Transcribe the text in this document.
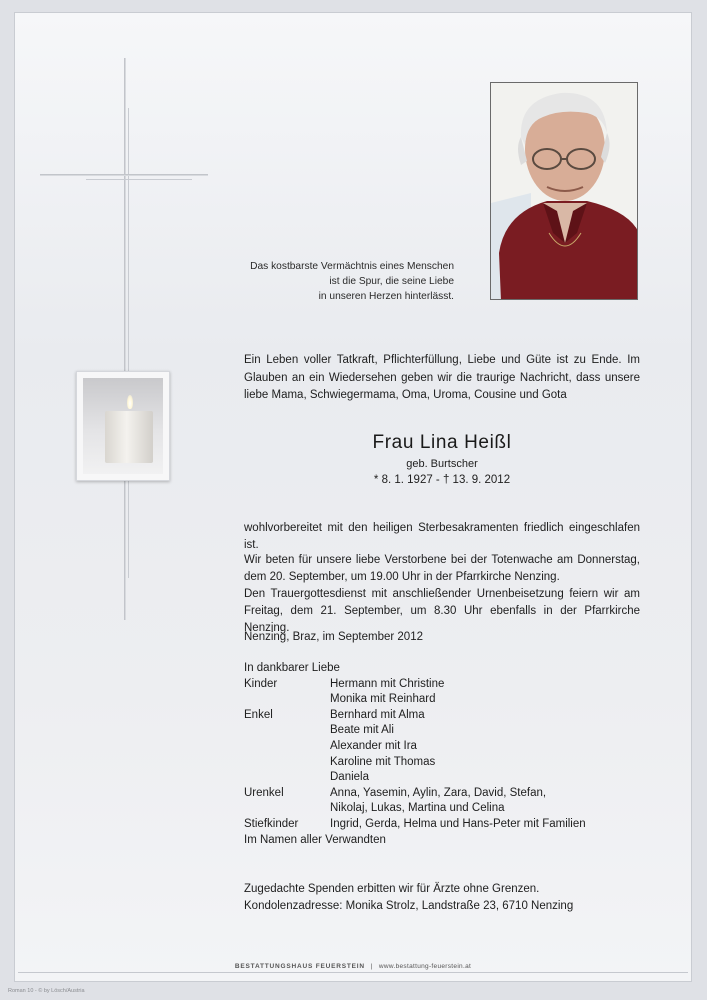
Das kostbarste Vermächtnis eines Menschen
ist die Spur, die seine Liebe
in unseren Herzen hinterlässt.
Ein Leben voller Tatkraft, Pflichterfüllung, Liebe und Güte ist zu Ende. Im Glauben an ein Wiedersehen geben wir die traurige Nachricht, dass unsere liebe Mama, Schwiegermama, Oma, Uroma, Cousine und Gota
Frau Lina Heißl
geb. Burtscher
* 8. 1. 1927 - † 13. 9. 2012
wohlvorbereitet mit den heiligen Sterbesakramenten friedlich eingeschlafen ist.
Wir beten für unsere liebe Verstorbene bei der Totenwache am Donnerstag, dem 20. September, um 19.00 Uhr in der Pfarrkirche Nenzing.
Den Trauergottesdienst mit anschließender Urnenbeisetzung feiern wir am Freitag, dem 21. September, um 8.30 Uhr ebenfalls in der Pfarrkirche Nenzing.
Nenzing, Braz, im September 2012
In dankbarer Liebe
Kinder	Hermann mit Christine
Monika mit Reinhard
Enkel	Bernhard mit Alma
Beate mit Ali
Alexander mit Ira
Karoline mit Thomas
Daniela
Urenkel	Anna, Yasemin, Aylin, Zara, David, Stefan,
Nikolaj, Lukas, Martina und Celina
Stiefkinder	Ingrid, Gerda, Helma und Hans-Peter mit Familien
Im Namen aller Verwandten
Zugedachte Spenden erbitten wir für Ärzte ohne Grenzen.
Kondolenzadresse: Monika Strolz, Landstraße 23, 6710 Nenzing
BESTATTUNGSHAUS FEUERSTEIN | www.bestattung-feuerstein.at
Roman 10 - © by Lösch/Austria
